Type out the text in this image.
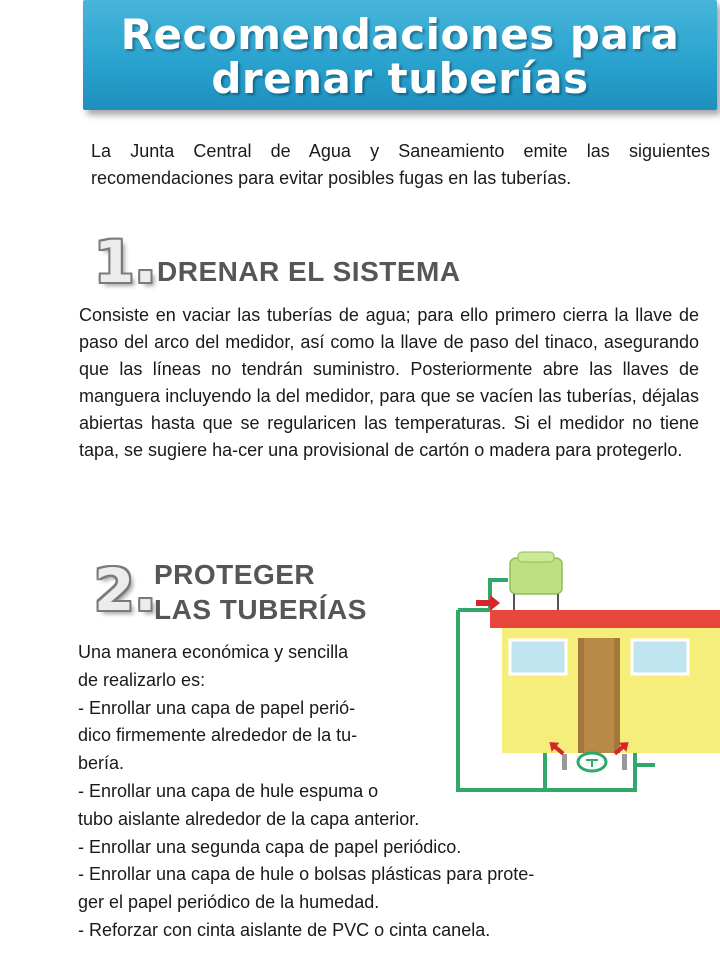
Recomendaciones para
drenar tuberías

La Junta Central de Agua y Saneamiento emite las siguientes recomendaciones para evitar posibles fugas en las tuberías.

1. DRENAR EL SISTEMA

Consiste en vaciar las tuberías de agua; para ello primero cierra la llave de paso del arco del medidor, así como la llave de paso del tinaco, asegurando que las líneas no tendrán suministro. Posteriormente abre las llaves de manguera incluyendo la del medidor, para que se vacíen las tuberías, déjalas abiertas hasta que se regularicen las temperaturas. Si el medidor no tiene tapa, se sugiere ha-cer una provisional de cartón o madera para protegerlo.

2.
PROTEGER
LAS TUBERÍAS
Una manera económica y sencilla
de realizarlo es:
- Enrollar una capa de papel perió-
dico firmemente alrededor de la tu-
bería.
- Enrollar una capa de hule espuma o
tubo aislante alrededor de la capa anterior.
- Enrollar una segunda capa de papel periódico.
- Enrollar una capa de hule o bolsas plásticas para prote-
ger el papel periódico de la humedad.
- Reforzar con cinta aislante de PVC o cinta canela.
